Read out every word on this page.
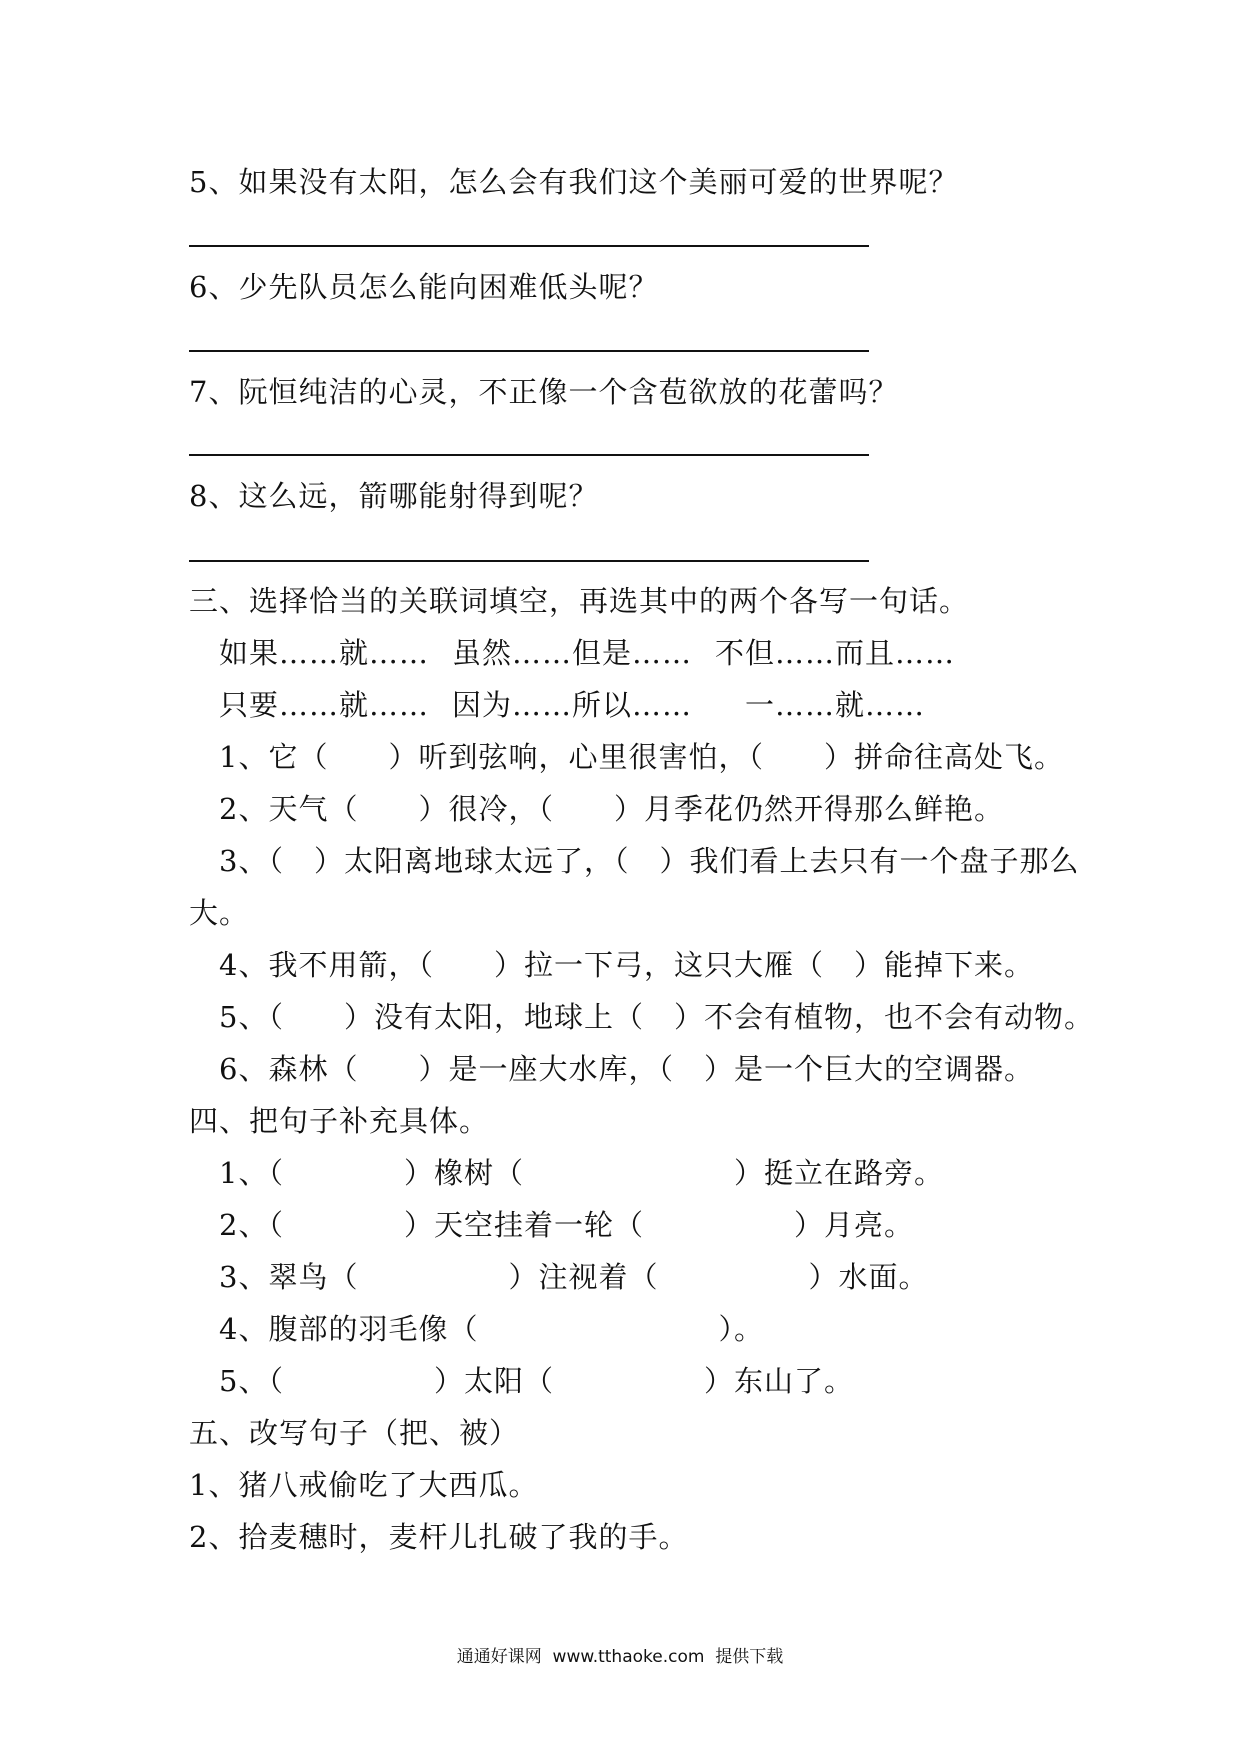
5、如果没有太阳，怎么会有我们这个美丽可爱的世界呢？
6、少先队员怎么能向困难低头呢？
7、阮恒纯洁的心灵，不正像一个含苞欲放的花蕾吗？
8、这么远，箭哪能射得到呢？
三、选择恰当的关联词填空，再选其中的两个各写一句话。
如果……就…… 虽然……但是…… 不但……而且……
只要……就…… 因为……所以…… 一……就……
1、它（　　）听到弦响，心里很害怕，（　　）拼命往高处飞。
2、天气（　　）很冷，（　　）月季花仍然开得那么鲜艳。
3、（　）太阳离地球太远了，（　）我们看上去只有一个盘子那么
大。
4、我不用箭，（　　）拉一下弓，这只大雁（　）能掉下来。
5、（　　）没有太阳，地球上（　）不会有植物，也不会有动物。
6、森林（　　）是一座大水库，（　）是一个巨大的空调器。
四、把句子补充具体。
1、（　　　　）橡树（　　　　　　　）挺立在路旁。
2、（　　　　）天空挂着一轮（　　　　　）月亮。
3、翠鸟（　　　　　）注视着（　　　　　）水面。
4、腹部的羽毛像（　　　　　　　　）。
5、（　　　　　）太阳（　　　　　）东山了。
五、改写句子（把、被）
1、猪八戒偷吃了大西瓜。
2、拾麦穗时，麦杆儿扎破了我的手。
通通好课网  www.tthaoke.com  提供下载
